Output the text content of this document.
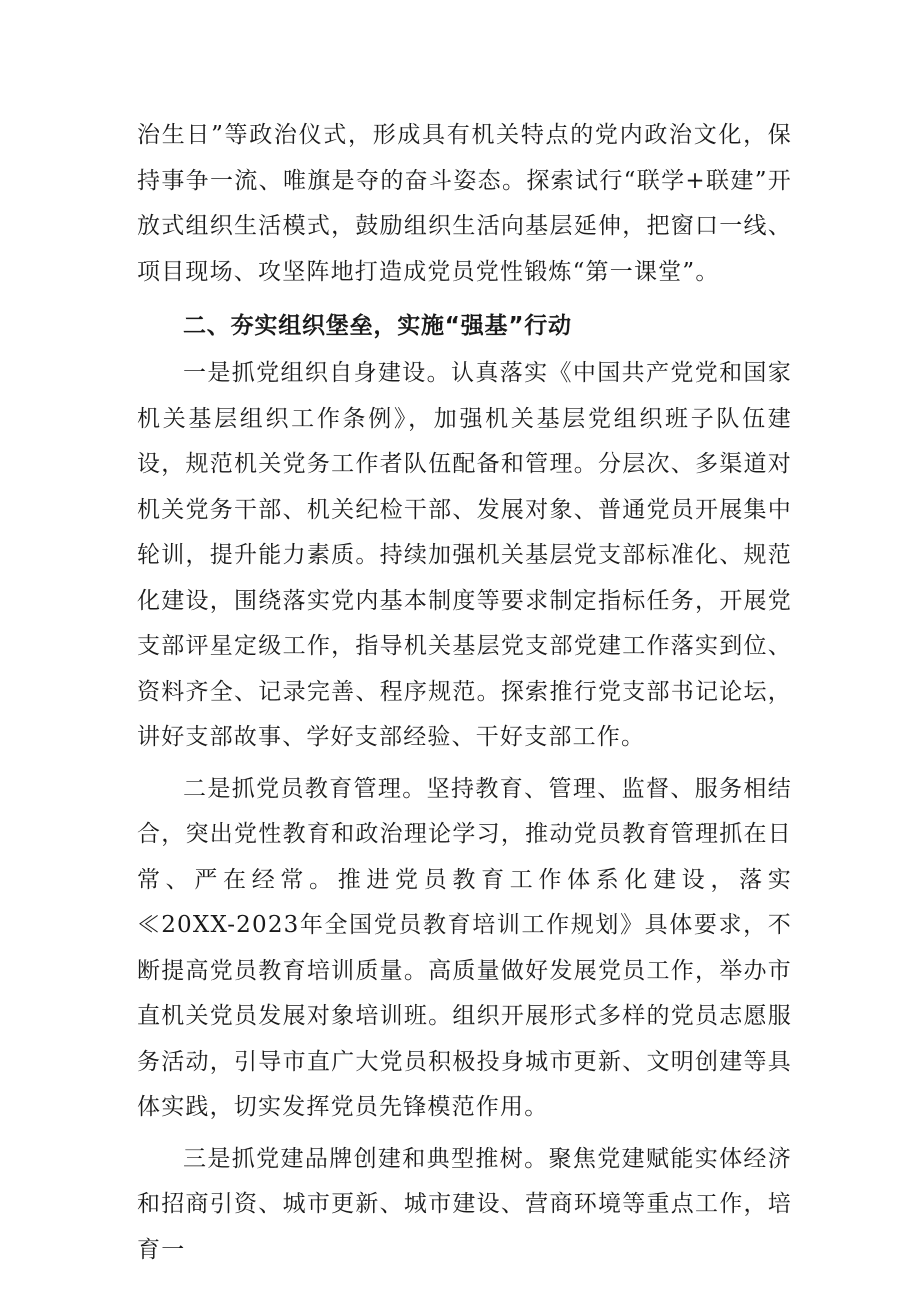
治生日”等政治仪式，形成具有机关特点的党内政治文化，保持事争一流、唯旗是夺的奋斗姿态。探索试行“联学+联建”开放式组织生活模式，鼓励组织生活向基层延伸，把窗口一线、项目现场、攻坚阵地打造成党员党性锻炼“第一课堂”。

二、夯实组织堡垒，实施“强基”行动

一是抓党组织自身建设。认真落实《中国共产党党和国家机关基层组织工作条例》，加强机关基层党组织班子队伍建设，规范机关党务工作者队伍配备和管理。分层次、多渠道对机关党务干部、机关纪检干部、发展对象、普通党员开展集中轮训，提升能力素质。持续加强机关基层党支部标准化、规范化建设，围绕落实党内基本制度等要求制定指标任务，开展党支部评星定级工作，指导机关基层党支部党建工作落实到位、资料齐全、记录完善、程序规范。探索推行党支部书记论坛，讲好支部故事、学好支部经验、干好支部工作。

二是抓党员教育管理。坚持教育、管理、监督、服务相结合，突出党性教育和政治理论学习，推动党员教育管理抓在日常、严在经常。推进党员教育工作体系化建设，落实≪20XX-2023年全国党员教育培训工作规划》具体要求，不断提高党员教育培训质量。高质量做好发展党员工作，举办市直机关党员发展对象培训班。组织开展形式多样的党员志愿服务活动，引导市直广大党员积极投身城市更新、文明创建等具体实践，切实发挥党员先锋模范作用。

三是抓党建品牌创建和典型推树。聚焦党建赋能实体经济和招商引资、城市更新、城市建设、营商环境等重点工作，培育一
